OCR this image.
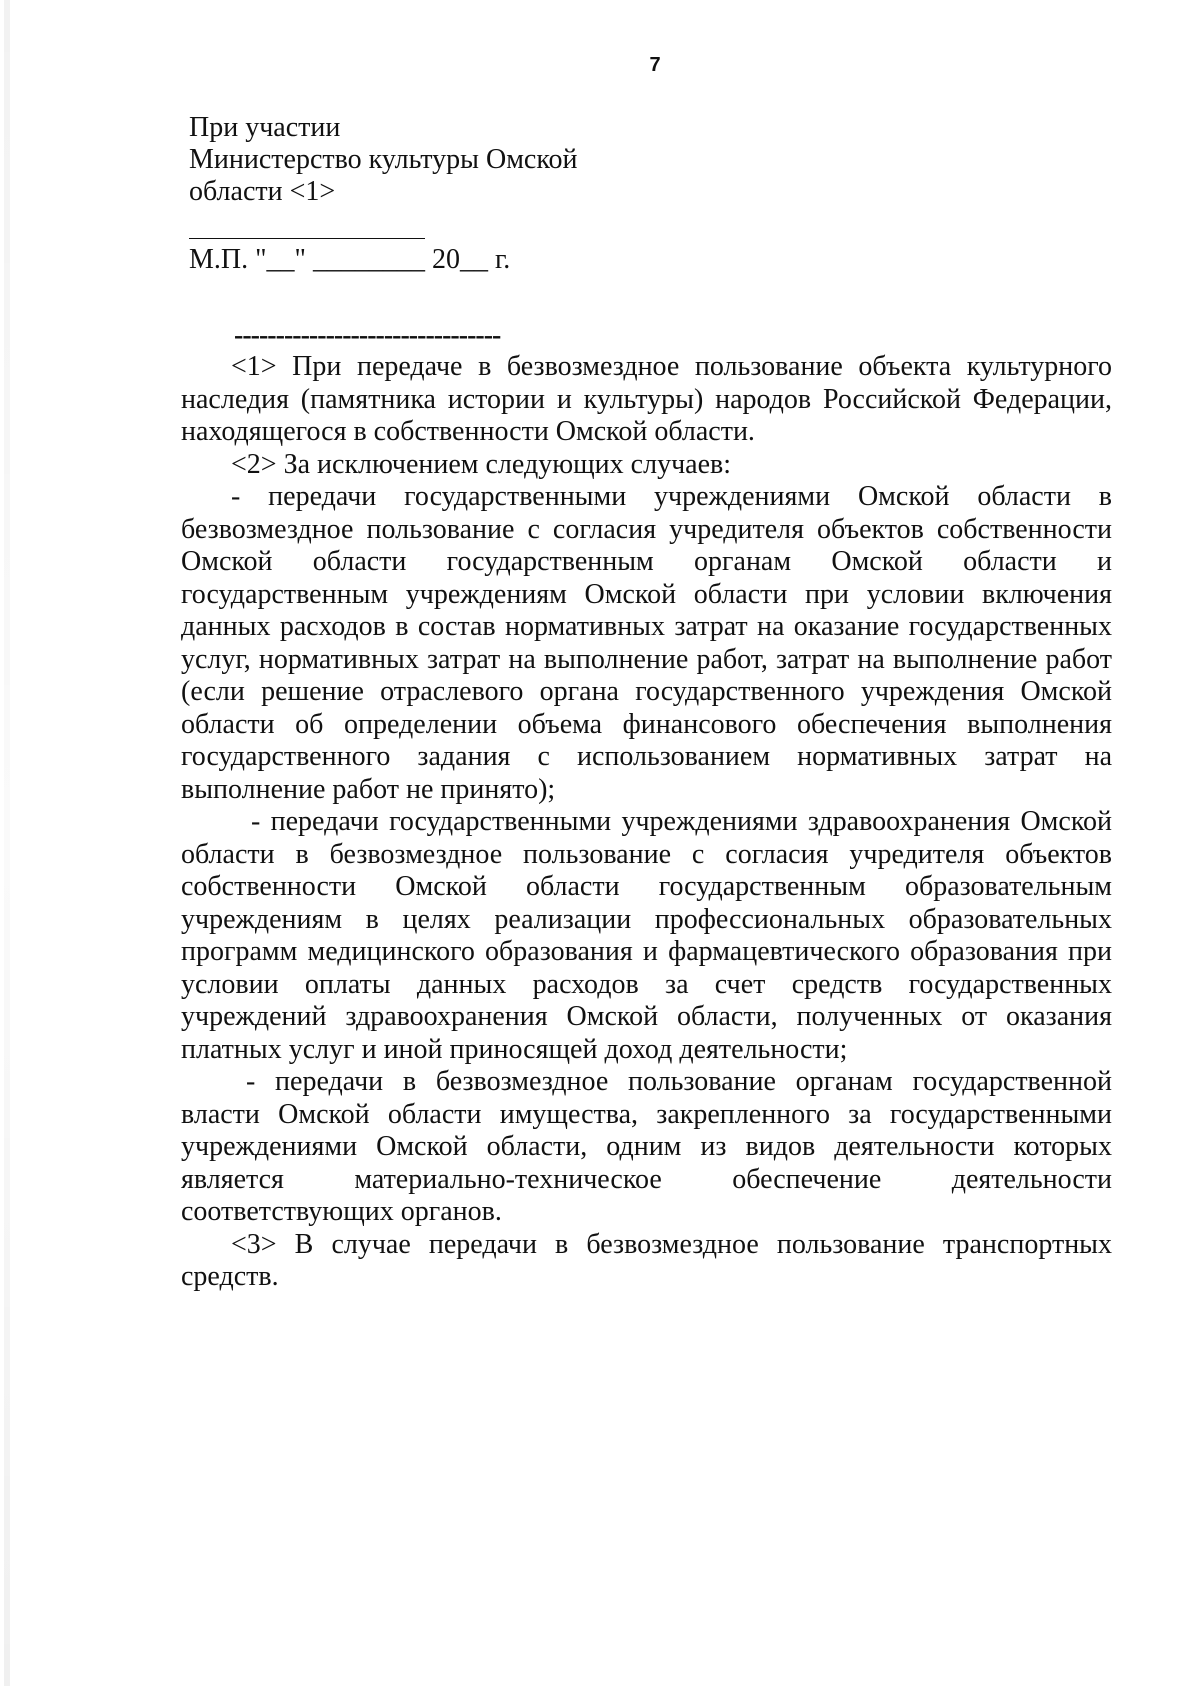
7
При участии
Министерство культуры Омской
области <1>
М.П. "__" ________ 20__ г.
--------------------------------

<1> При передаче в безвозмездное пользование объекта культурного наследия (памятника истории и культуры) народов Российской Федерации, находящегося в собственности Омской области.

<2> За исключением следующих случаев:

- передачи государственными учреждениями Омской области в безвозмездное пользование с согласия учредителя объектов собственности Омской области государственным органам Омской области и государственным учреждениям Омской области при условии включения данных расходов в состав нормативных затрат на оказание государственных услуг, нормативных затрат на выполнение работ, затрат на выполнение работ (если решение отраслевого органа государственного учреждения Омской области об определении объема финансового обеспечения выполнения государственного задания с использованием нормативных затрат на выполнение работ не принято);

- передачи государственными учреждениями здравоохранения Омской области в безвозмездное пользование с согласия учредителя объектов собственности Омской области государственным образовательным учреждениям в целях реализации профессиональных образовательных программ медицинского образования и фармацевтического образования при условии оплаты данных расходов за счет средств государственных учреждений здравоохранения Омской области, полученных от оказания платных услуг и иной приносящей доход деятельности;

- передачи в безвозмездное пользование органам государственной власти Омской области имущества, закрепленного за государственными учреждениями Омской области, одним из видов деятельности которых является материально-техническое обеспечение деятельности соответствующих органов.

<3> В случае передачи в безвозмездное пользование транспортных средств.
